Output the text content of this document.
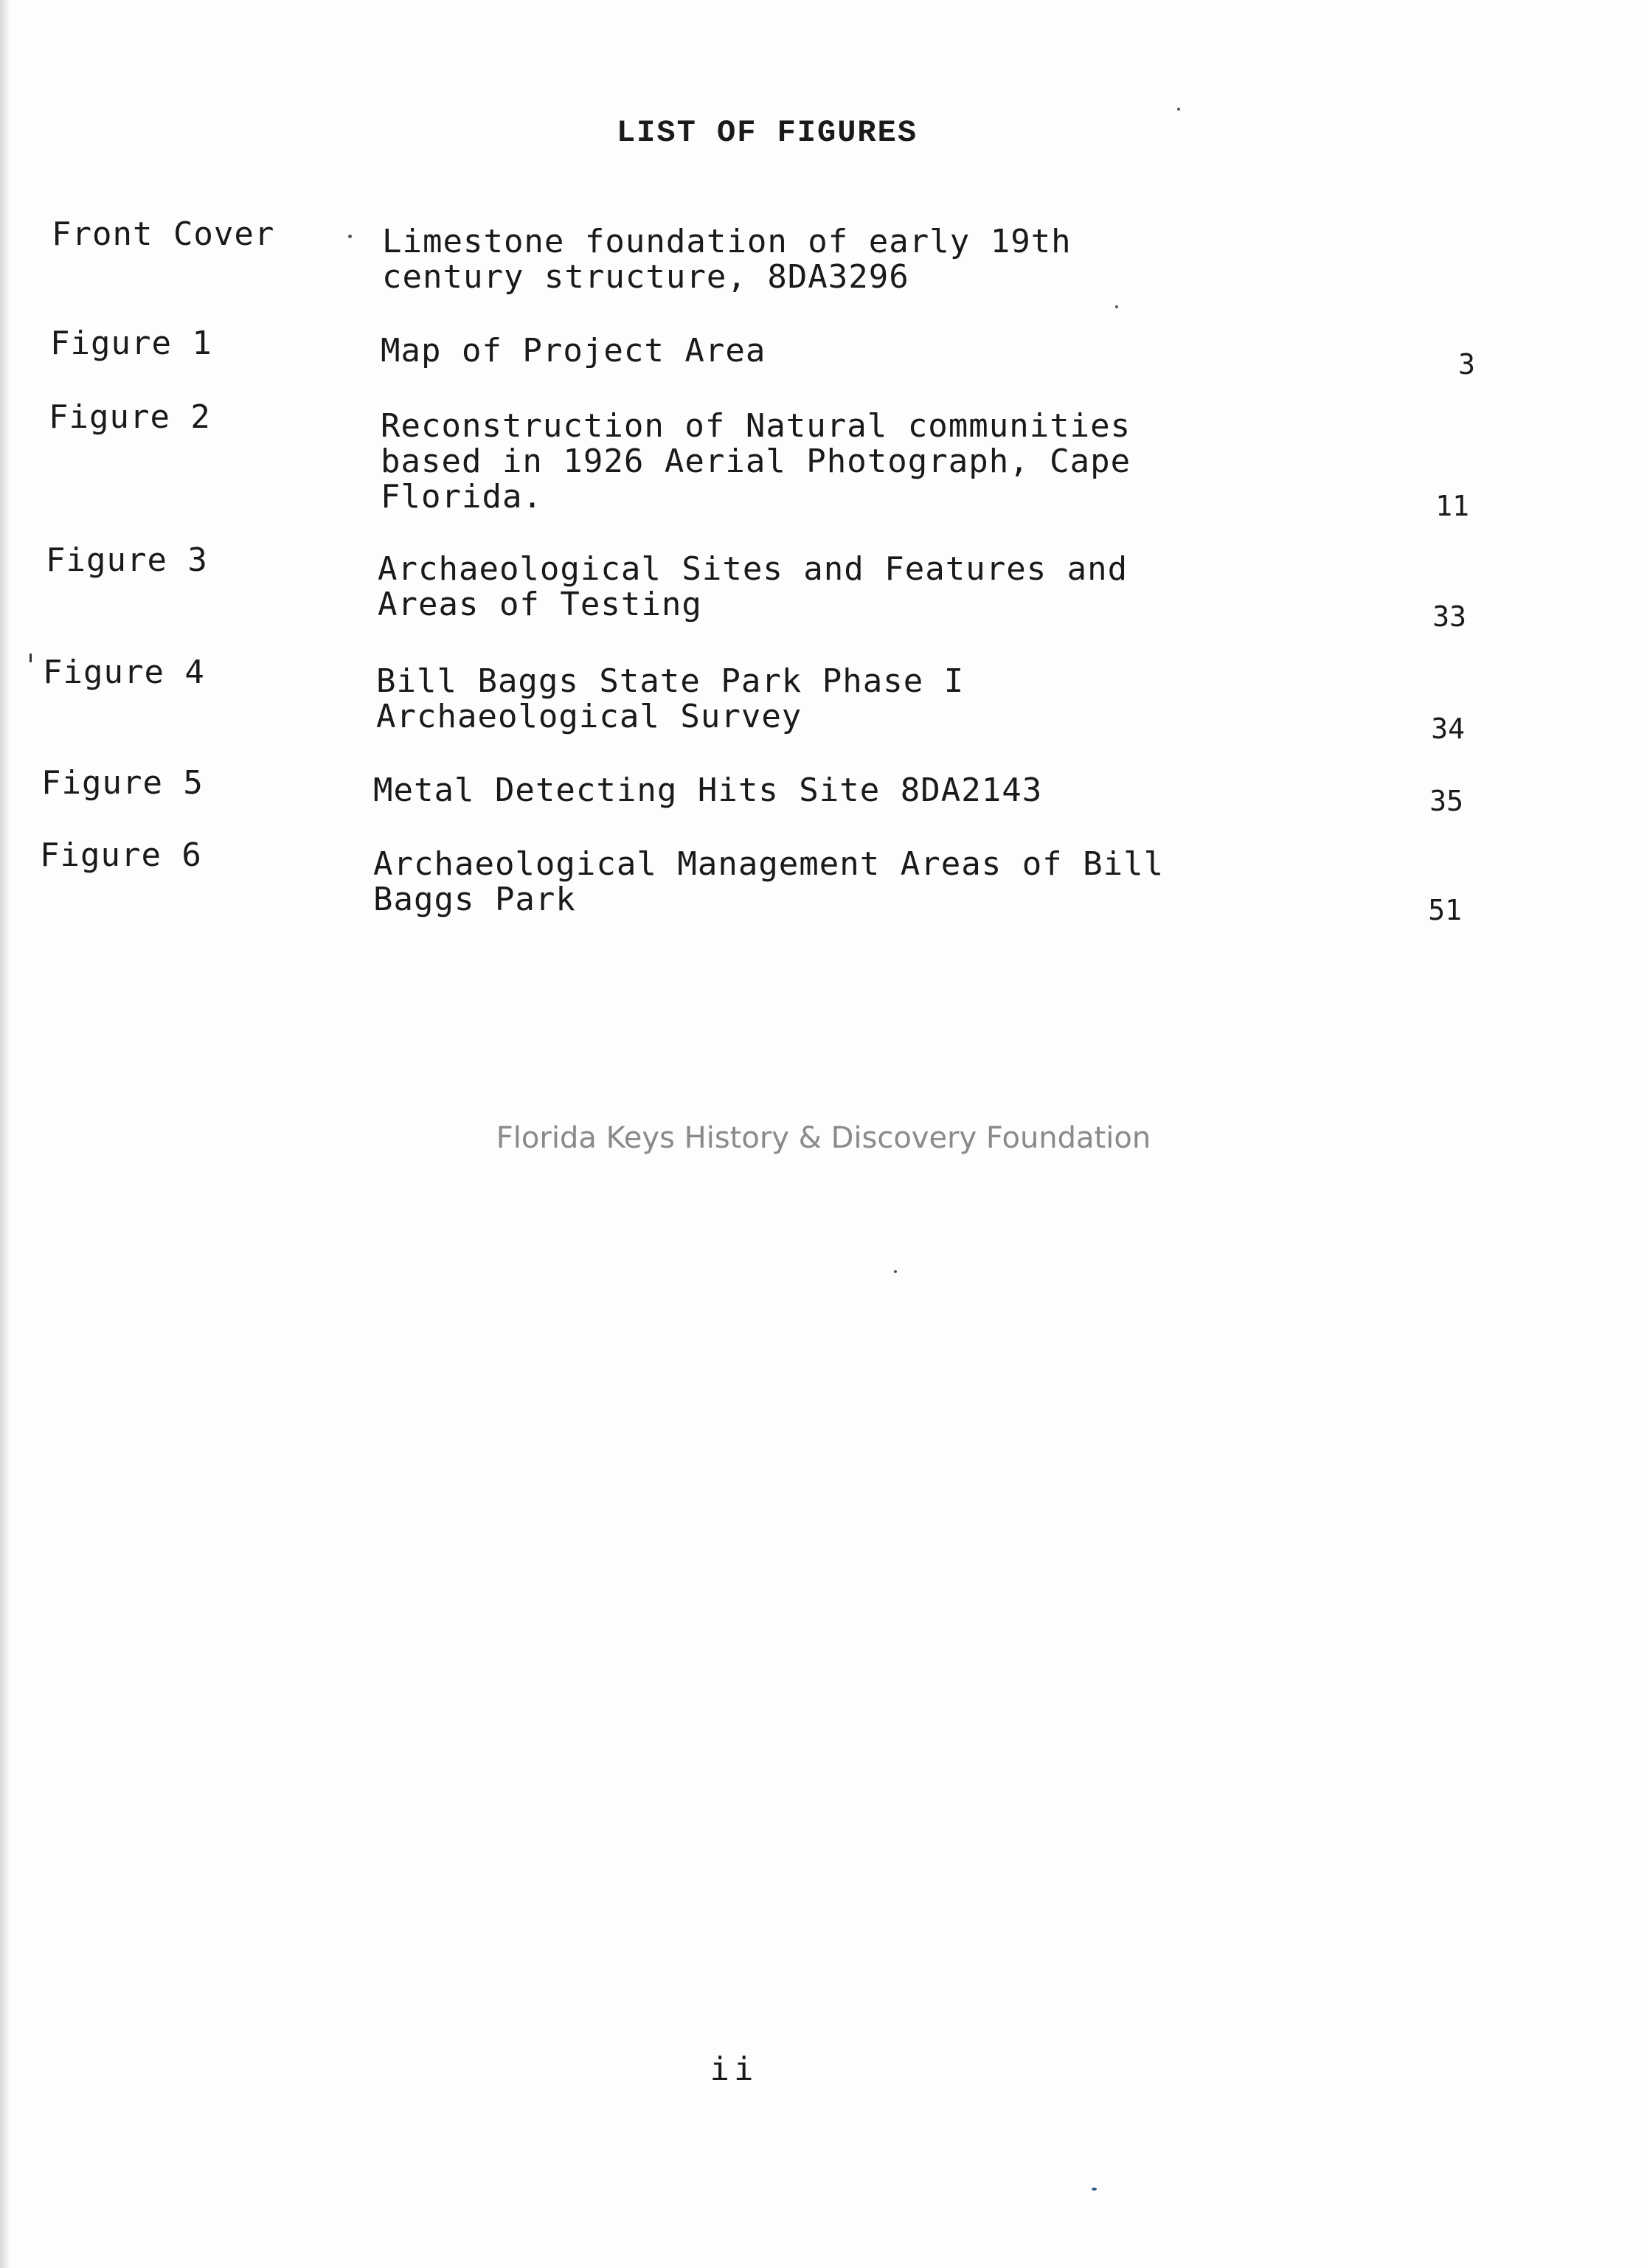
LIST OF FIGURES
Front Cover	Limestone foundation of early 19th
century structure, 8DA3296
Figure 1	Map of Project Area	3
Figure 2	Reconstruction of Natural communities
based in 1926 Aerial Photograph, Cape
Florida.	11
Figure 3	Archaeological Sites and Features and
Areas of Testing	33
Figure 4	Bill Baggs State Park Phase I
Archaeological Survey	34
Figure 5	Metal Detecting Hits Site 8DA2143	35
Figure 6	Archaeological Management Areas of Bill
Baggs Park	51
Florida Keys History & Discovery Foundation
ii
